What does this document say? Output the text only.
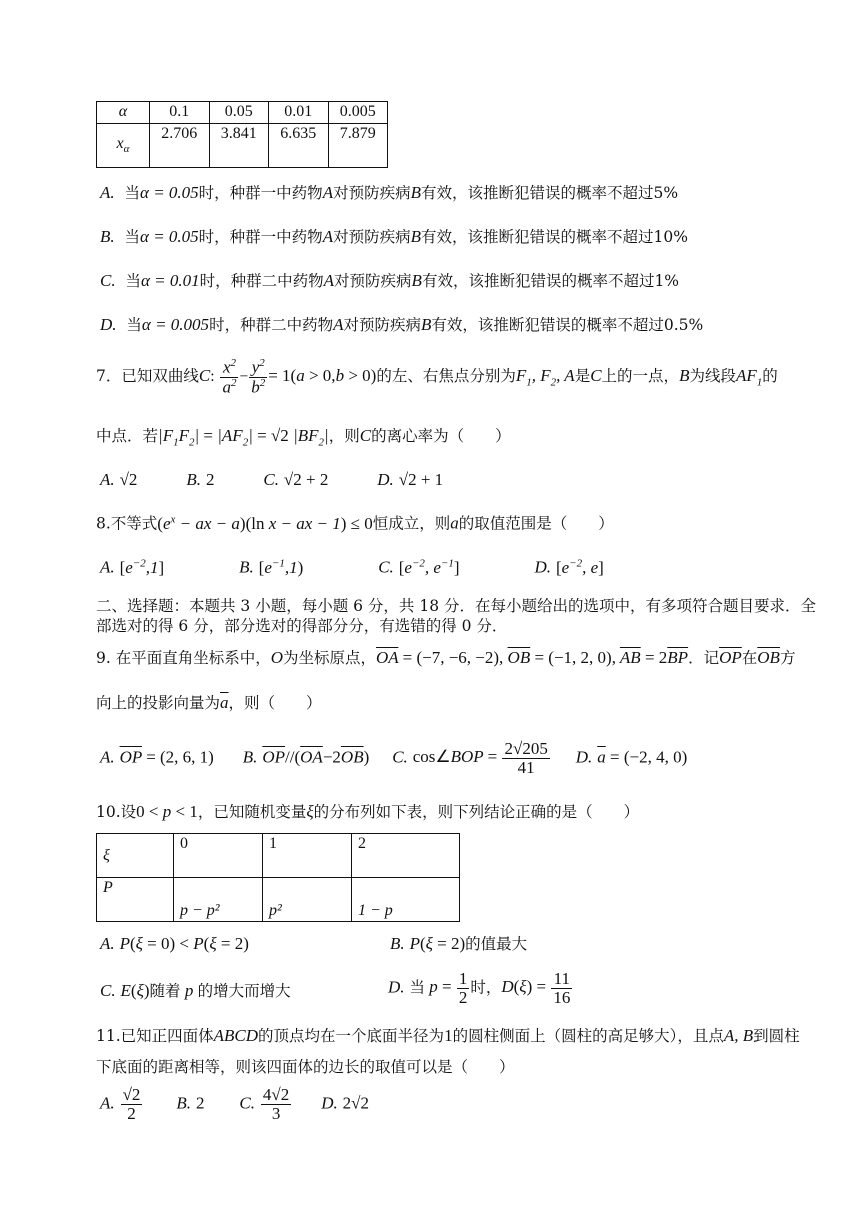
α	0.1	0.05	0.01	0.005
$x_\alpha$	2.706	3.841	6.635	7.879
A. 当α = 0.05时，种群一中药物A对预防疾病B有效，该推断犯错误的概率不超过5%
B. 当α = 0.05时，种群一中药物A对预防疾病B有效，该推断犯错误的概率不超过10%
C. 当α = 0.01时，种群二中药物A对预防疾病B有效，该推断犯错误的概率不超过1%
D. 当α = 0.005时，种群二中药物A对预防疾病B有效，该推断犯错误的概率不超过0.5%
7．已知双曲线C: $\frac{x^2}{a^2} - \frac{y^2}{b^2} = 1(a > 0,b > 0)$的左、右焦点分别为$F_1$, $F_2$, A是C上的一点，B为线段$AF_1$的
中点．若$|F_1F_2| = |AF_2| = √2$ $|BF_2|$，则C的离心率为（　　）
A. √2	B. 2	C. √2 + 2	D. √2 + 1
8.不等式($e^x$ − ax − a)(ln x − ax − 1) ≤ 0恒成立，则a的取值范围是（　　）
A. $[e^{-2},1]$	B. $[e^{-1},1)$	C. [$e^{-2}$, $e^{-1}$]	D. [$e^{-2}$, e]
二、选择题：本题共 3 小题，每小题 6 分，共 18 分．在每小题给出的选项中，有多项符合题目要求．全
部选对的得 6 分，部分选对的得部分分，有选错的得 0 分．
9. 在平面直角坐标系中，O为坐标原点，$\overline{OA} = (-7$, −6, −2), $\overline{OB} = (-1$, 2, 0), $\overline{AB} = 2\overline{BP}$．记$\overline{OP}$在$\overline{OB}$方
向上的投影向量为$\overline{a}$，则（　　）
A. $\overline{OP} = (2$, 6, 1) B. $\overline{OP}//(\overline{OA}-2\overline{OB})$ C. cos∠BOP = $\frac{2√205}{41} D$. $\overline{a} = (-2$, 4, 0)
10.设0 < p < 1，已知随机变量ξ的分布列如下表，则下列结论正确的是（　　）
ξ	0	1	2
P	p − p²	p²	1 − p
A. P(ξ = 0) < P(ξ = 2)	B. P(ξ = 2)的值最大
C. E(ξ)随着 p 的增大而增大	D. 当 $p = \frac{1}{2}$ 时，$D(\xi) = \frac{11}{16}$
11.已知正四面体ABCD的顶点均在一个底面半径为1的圆柱侧面上（圆柱的高足够大），且点A, B到圆柱
下底面的距离相等，则该四面体的边长的取值可以是（　　）
A. $\frac{√2}{2} B$. 2 C. $\frac{4√2}{3} D$. 2√2
